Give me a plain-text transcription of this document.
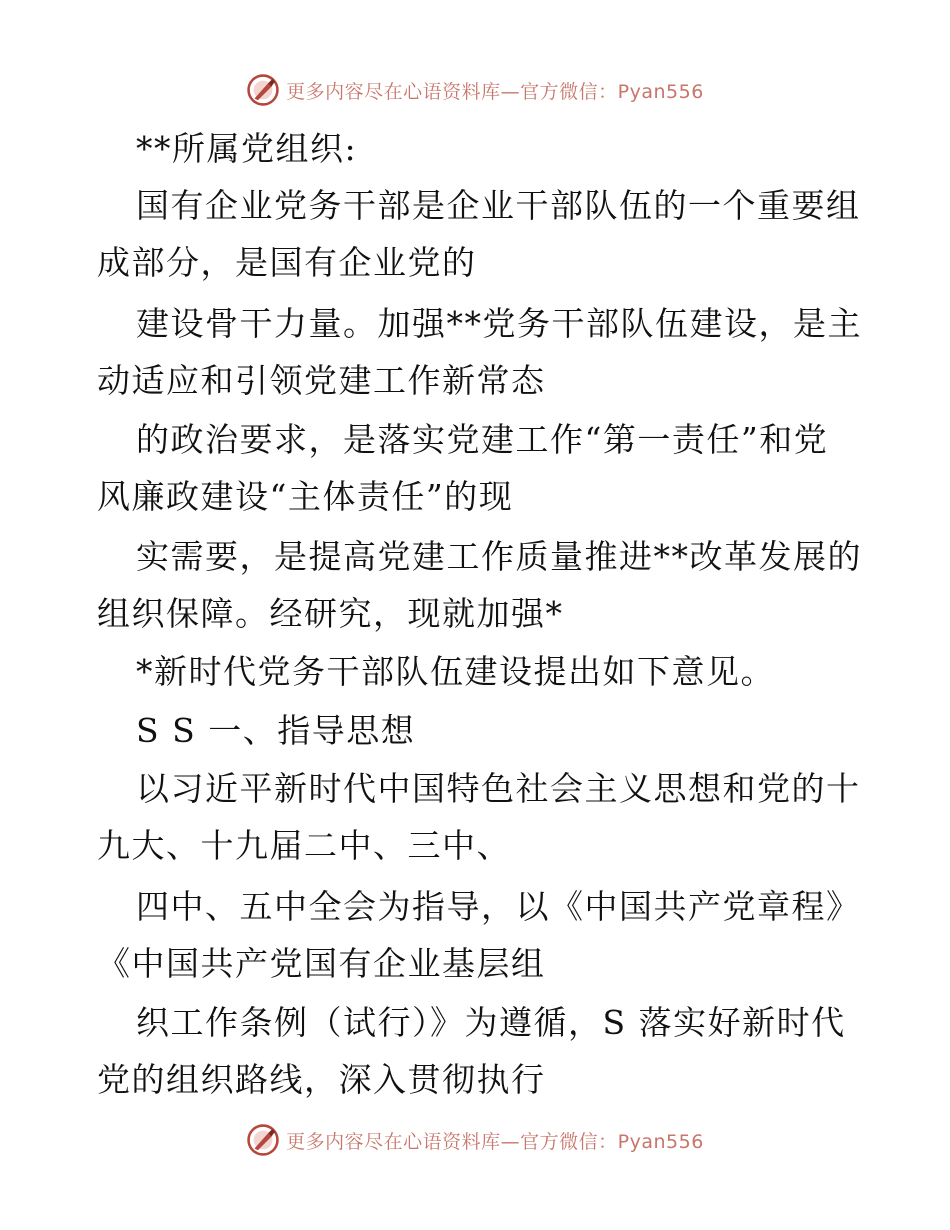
更多内容尽在心语资料库—官方微信：Pyan556
**所属党组织:
国有企业党务干部是企业干部队伍的一个重要组
成部分，是国有企业党的
建设骨干力量。加强**党务干部队伍建设，是主
动适应和引领党建工作新常态
的政治要求，是落实党建工作“第一责任”和党
风廉政建设“主体责任”的现
实需要，是提高党建工作质量推进**改革发展的
组织保障。经研究，现就加强*
*新时代党务干部队伍建设提出如下意见。
S S 一、指导思想
以习近平新时代中国特色社会主义思想和党的十
九大、十九届二中、三中、
四中、五中全会为指导，以《中国共产党章程》
《中国共产党国有企业基层组
织工作条例（试行）》为遵循，S 落实好新时代
党的组织路线，深入贯彻执行
更多内容尽在心语资料库—官方微信：Pyan556
